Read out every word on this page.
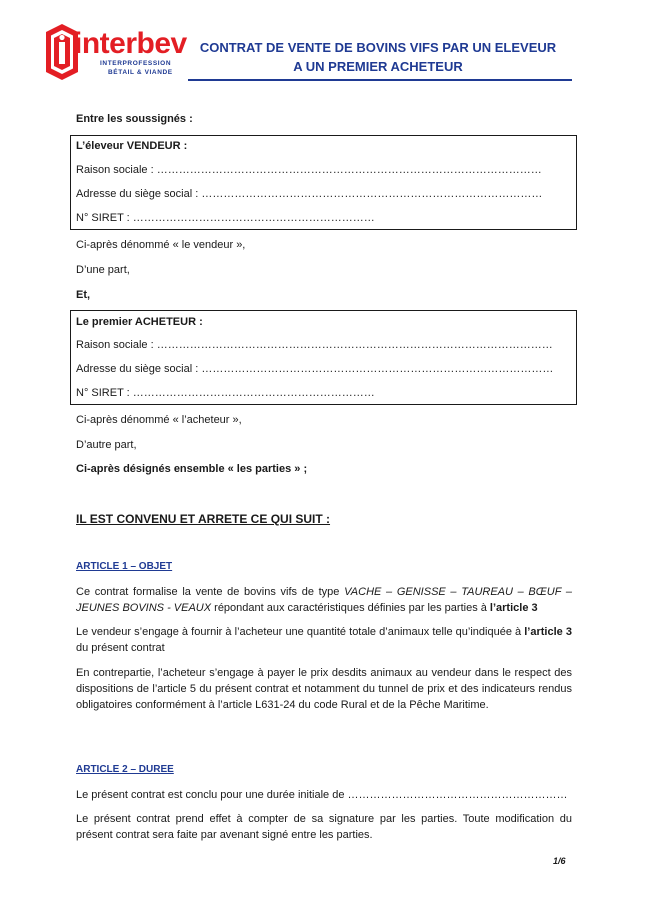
interbev
INTERPROFESSION
BÉTAIL & VIANDE
CONTRAT DE VENTE DE BOVINS VIFS PAR UN ELEVEUR
A UN PREMIER ACHETEUR
Entre les soussignés :
L’éleveur VENDEUR :
Raison sociale : ……………………………………………………………………………………………
Adresse du siège social : …………………………………………………………………………………
N° SIRET : …………………………………………………………
Ci-après dénommé « le vendeur »,
D’une part,
Et,
Le premier ACHETEUR :
Raison sociale : ………………………………………………………………………………………………
Adresse du siège social : ……………………………………………………………………………………
N° SIRET : …………………………………………………………
Ci-après dénommé « l’acheteur »,
D’autre part,
Ci-après désignés ensemble « les parties » ;
IL EST CONVENU ET ARRETE CE QUI SUIT :
ARTICLE 1 – OBJET
Ce contrat formalise la vente de bovins vifs de type VACHE – GENISSE – TAUREAU – BŒUF – JEUNES BOVINS - VEAUX répondant aux caractéristiques définies par les parties à l’article 3
Le vendeur s’engage à fournir à l’acheteur une quantité totale d’animaux telle qu’indiquée à l’article 3 du présent contrat
En contrepartie, l’acheteur s’engage à payer le prix desdits animaux au vendeur dans le respect des dispositions de l’article 5 du présent contrat et notamment du tunnel de prix et des indicateurs rendus obligatoires conformément à l’article L631-24 du code Rural et de la Pêche Maritime.
ARTICLE 2 – DUREE
Le présent contrat est conclu pour une durée initiale de ……………………………………………………
Le présent contrat prend effet à compter de sa signature par les parties. Toute modification du présent contrat sera faite par avenant signé entre les parties.
1/6
